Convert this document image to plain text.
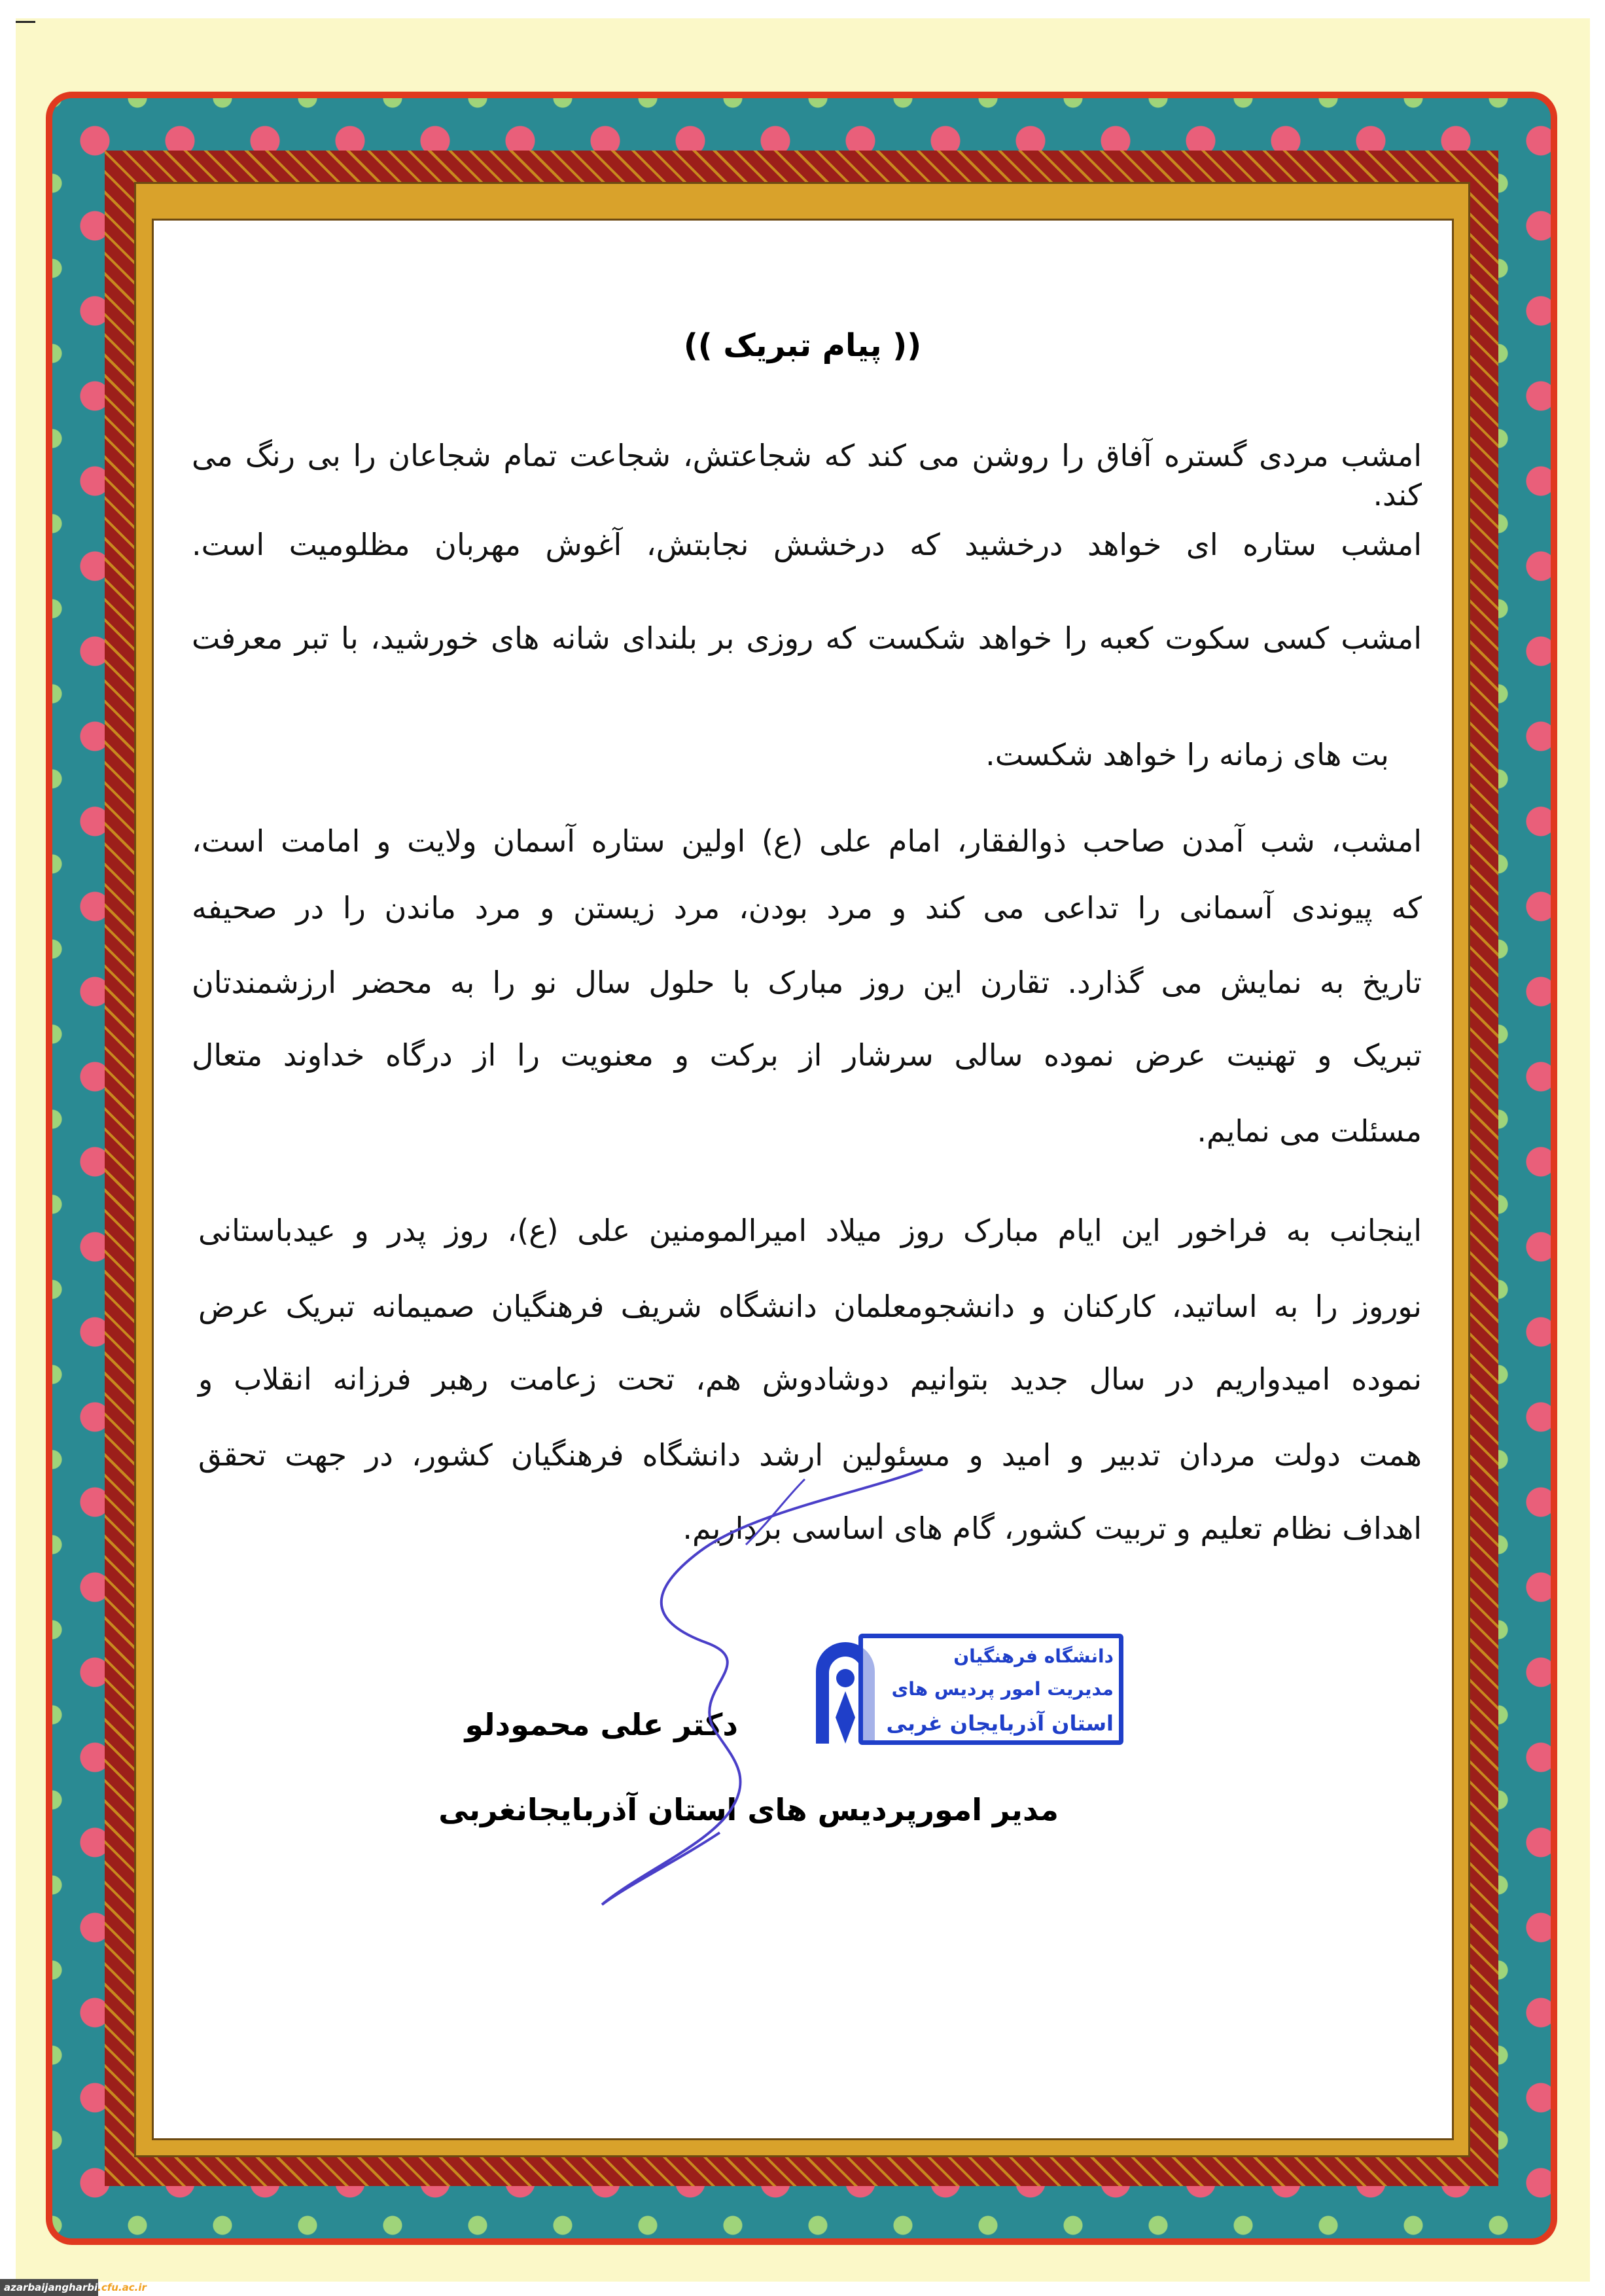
(( پیام تبریک ))
امشب مردی گستره آفاق را روشن می کند که شجاعتش، شجاعت تمام شجاعان را بی رنگ می کند.
امشب ستاره ای خواهد درخشید که درخشش نجابتش، آغوش مهربان مظلومیت است.
امشب کسی سکوت کعبه را خواهد شکست که روزی بر بلندای شانه های خورشید، با تبر معرفت
بت های زمانه را خواهد شکست.
امشب، شب آمدن صاحب ذوالفقار، امام علی (ع) اولین ستاره آسمان ولایت و امامت است،
که پیوندی آسمانی را تداعی می کند و مرد بودن، مرد زیستن و مرد ماندن را در صحیفه
تاریخ به نمایش می گذارد. تقارن این روز مبارک با حلول سال نو را به محضر ارزشمندتان
تبریک و تهنیت عرض نموده سالی سرشار از برکت و معنویت را از درگاه خداوند متعال
مسئلت می نمایم.
اینجانب به فراخور این ایام مبارک روز میلاد امیرالمومنین علی (ع)، روز پدر و عیدباستانی
نوروز را به اساتید، کارکنان و دانشجومعلمان دانشگاه شریف فرهنگیان صمیمانه تبریک عرض
نموده امیدواریم در سال جدید بتوانیم دوشادوش هم، تحت زعامت رهبر فرزانه انقلاب و
همت دولت مردان تدبیر و امید و مسئولین ارشد دانشگاه فرهنگیان کشور، در جهت تحقق
اهداف نظام تعلیم و تربیت کشور، گام های اساسی برداریم.
دانشگاه فرهنگیان
مدیریت امور پردیس های
استان آذربایجان غربی
دکتر علی محمودلو
مدیر امورپردیس های استان آذربایجانغربی
azarbaijangharbi.cfu.ac.ir
